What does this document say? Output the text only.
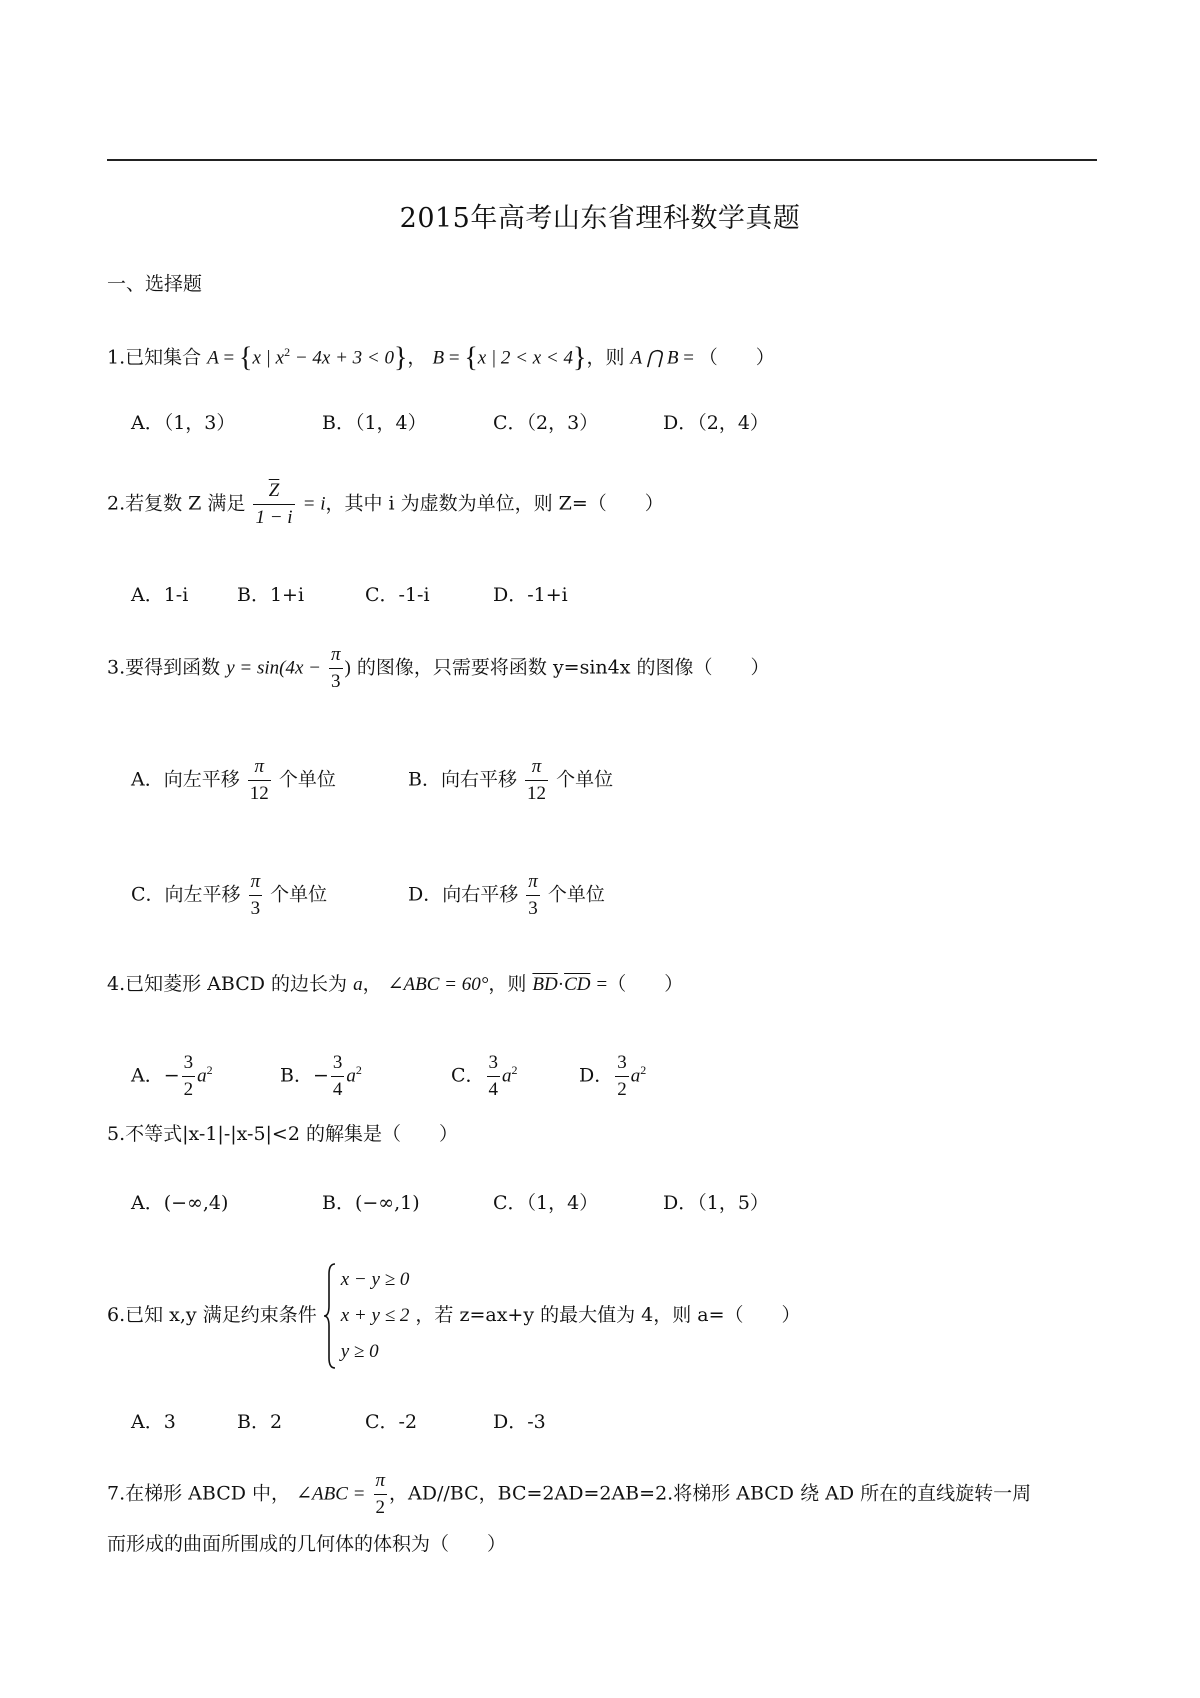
2015年高考山东省理科数学真题
一、选择题
1.已知集合 A = {x | $x^2 - 4x + 3 < 0$}， B = {x | 2 < x < 4}，则 A ⋂ B = （　　）
A．（1，3）	B．（1，4）	C．（2，3）	D．（2，4）
2.若复数 Z 满足 $\frac{\overline{Z}}{1 - i} = i$，其中 i 为虚数为单位，则 Z=（　　）
A．1-i	B．1+i	C．-1-i	D．-1+i
3.要得到函数 $y = \sin(4x - \frac{\pi}{3}$ ) 的图像，只需要将函数 y=sin4x 的图像（　　）
A．向左平移 $\frac{\pi}{12}$ 个单位	B．向右平移 $\frac{\pi}{12}$ 个单位
C．向左平移 $\frac{\pi}{3}$ 个单位	D．向右平移 $\frac{\pi}{3}$ 个单位
4.已知菱形 ABCD 的边长为 a， ∠ABC = 60°，则 $\overline{BD}\cdot\overline{CD}$ =（　　）
A．− $\frac{3}{2} a^2$	B．− $\frac{3}{4} a^2$	C． $\frac{3}{4} a^2$	D． $\frac{3}{2} a^2$
5.不等式|x-1|-|x-5|<2 的解集是（　　）
A．(−∞,4)	B．(−∞,1)	C．（1，4）	D．（1，5）
6.已知 x,y 满足约束条件
x − y ≥ 0
x + y ≤ 2
y ≥ 0
，若 z=ax+y 的最大值为 4，则 a=（　　）
A．3	B．2	C．-2	D．-3
7.在梯形 ABCD 中， ∠ABC = $\frac{\pi}{2}$ ，AD//BC，BC=2AD=2AB=2.将梯形 ABCD 绕 AD 所在的直线旋转一周
而形成的曲面所围成的几何体的体积为（　　）
